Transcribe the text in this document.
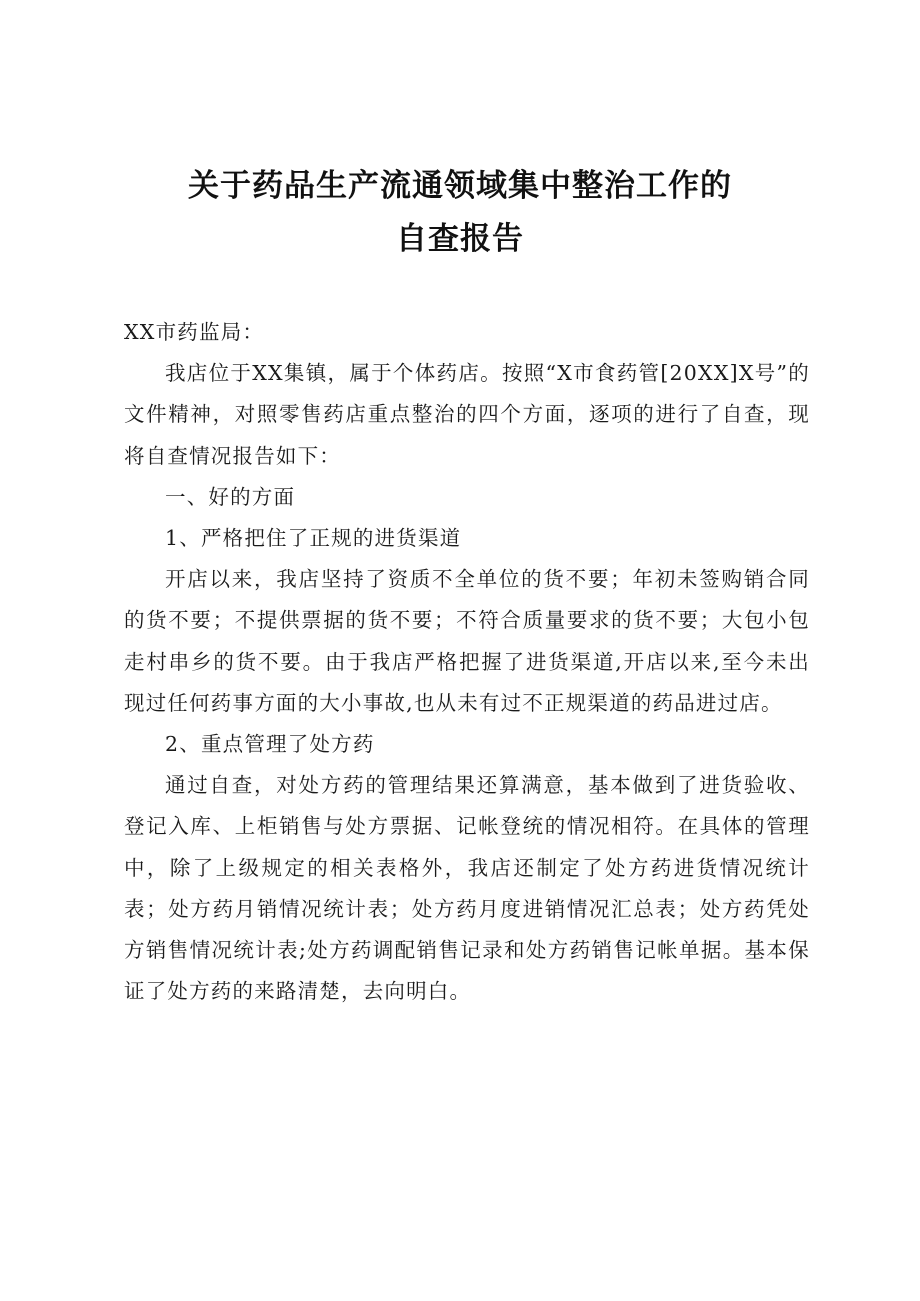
关于药品生产流通领域集中整治工作的
自查报告

XX市药监局：

我店位于XX集镇，属于个体药店。按照“X市食药管[20XX]X号”的文件精神，对照零售药店重点整治的四个方面，逐项的进行了自查，现将自查情况报告如下：

一、好的方面

1、严格把住了正规的进货渠道

开店以来，我店坚持了资质不全单位的货不要；年初未签购销合同的货不要；不提供票据的货不要；不符合质量要求的货不要；大包小包走村串乡的货不要。由于我店严格把握了进货渠道,开店以来,至今未出现过任何药事方面的大小事故,也从未有过不正规渠道的药品进过店。

2、重点管理了处方药

通过自查，对处方药的管理结果还算满意，基本做到了进货验收、登记入库、上柜销售与处方票据、记帐登统的情况相符。在具体的管理中，除了上级规定的相关表格外，我店还制定了处方药进货情况统计表；处方药月销情况统计表；处方药月度进销情况汇总表；处方药凭处方销售情况统计表;处方药调配销售记录和处方药销售记帐单据。基本保证了处方药的来路清楚，去向明白。
